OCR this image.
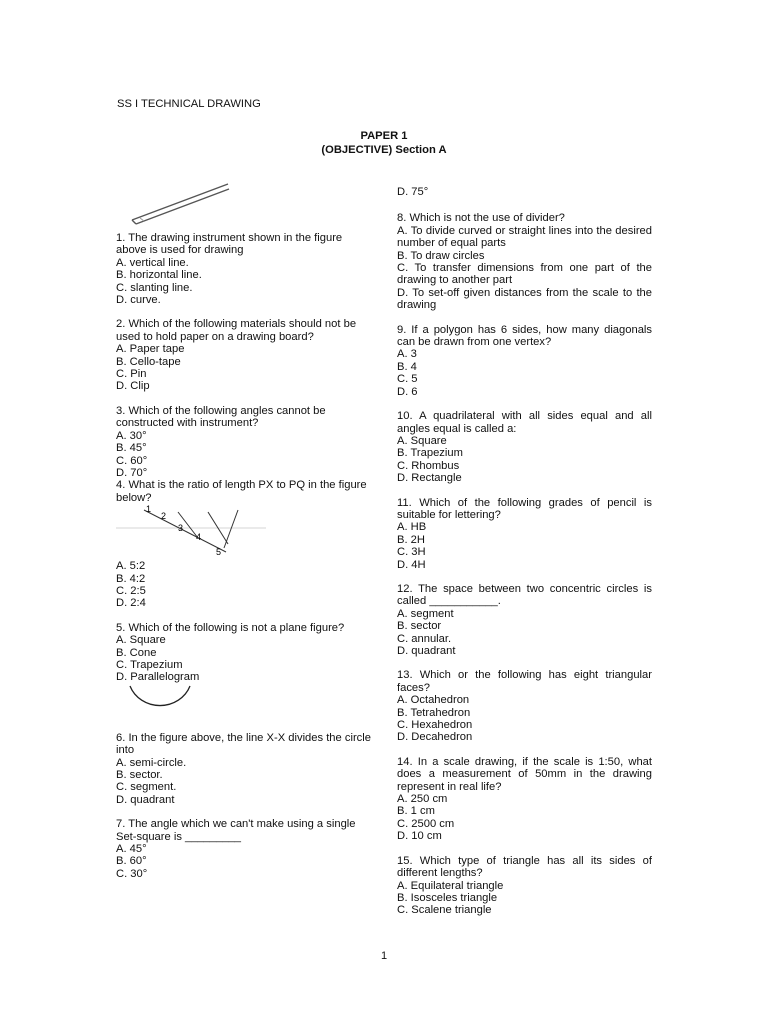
SS I TECHNICAL DRAWING
PAPER 1
(OBJECTIVE) Section A

1. The drawing instrument shown in the figure above is used for drawing

A. vertical line.

B. horizontal line.

C. slanting line.

D. curve.

2. Which of the following materials should not be used to hold paper on a drawing board?

A. Paper tape

B. Cello-tape

C. Pin

D. Clip

3. Which of the following angles cannot be constructed with instrument?

A. 30°

B. 45°

C. 60°

D. 70°

4. What is the ratio of length PX to PQ in the figure below?

1
2
3
4
5

A. 5:2

B. 4:2

C. 2:5

D. 2:4

5. Which of the following is not a plane figure?

A. Square

B. Cone

C. Trapezium

D. Parallelogram

6. In the figure above, the line X-X divides the circle into

A. semi-circle.

B. sector.

C. segment.

D. quadrant

7. The angle which we can't make using a single Set-square is _________

A. 45°

B. 60°

C. 30°

D. 75°

8. Which is not the use of divider?

A. To divide curved or straight lines into the desired number of equal parts

B. To draw circles

C. To transfer dimensions from one part of the drawing to another part

D. To set-off given distances from the scale to the drawing

9. If a polygon has 6 sides, how many diagonals can be drawn from one vertex?

A. 3

B. 4

C. 5

D. 6

10. A quadrilateral with all sides equal and all angles equal is called a:

A. Square

B. Trapezium

C. Rhombus

D. Rectangle

11. Which of the following grades of pencil is suitable for lettering?

A. HB

B. 2H

C. 3H

D. 4H

12. The space between two concentric circles is called ___________.

A. segment

B. sector

C. annular.

D. quadrant

13. Which or the following has eight triangular faces?

A. Octahedron

B. Tetrahedron

C. Hexahedron

D. Decahedron

14. In a scale drawing, if the scale is 1:50, what does a measurement of 50mm in the drawing represent in real life?

A. 250 cm

B. 1 cm

C. 2500 cm

D. 10 cm

15. Which type of triangle has all its sides of different lengths?

A. Equilateral triangle

B. Isosceles triangle

C. Scalene triangle

1
